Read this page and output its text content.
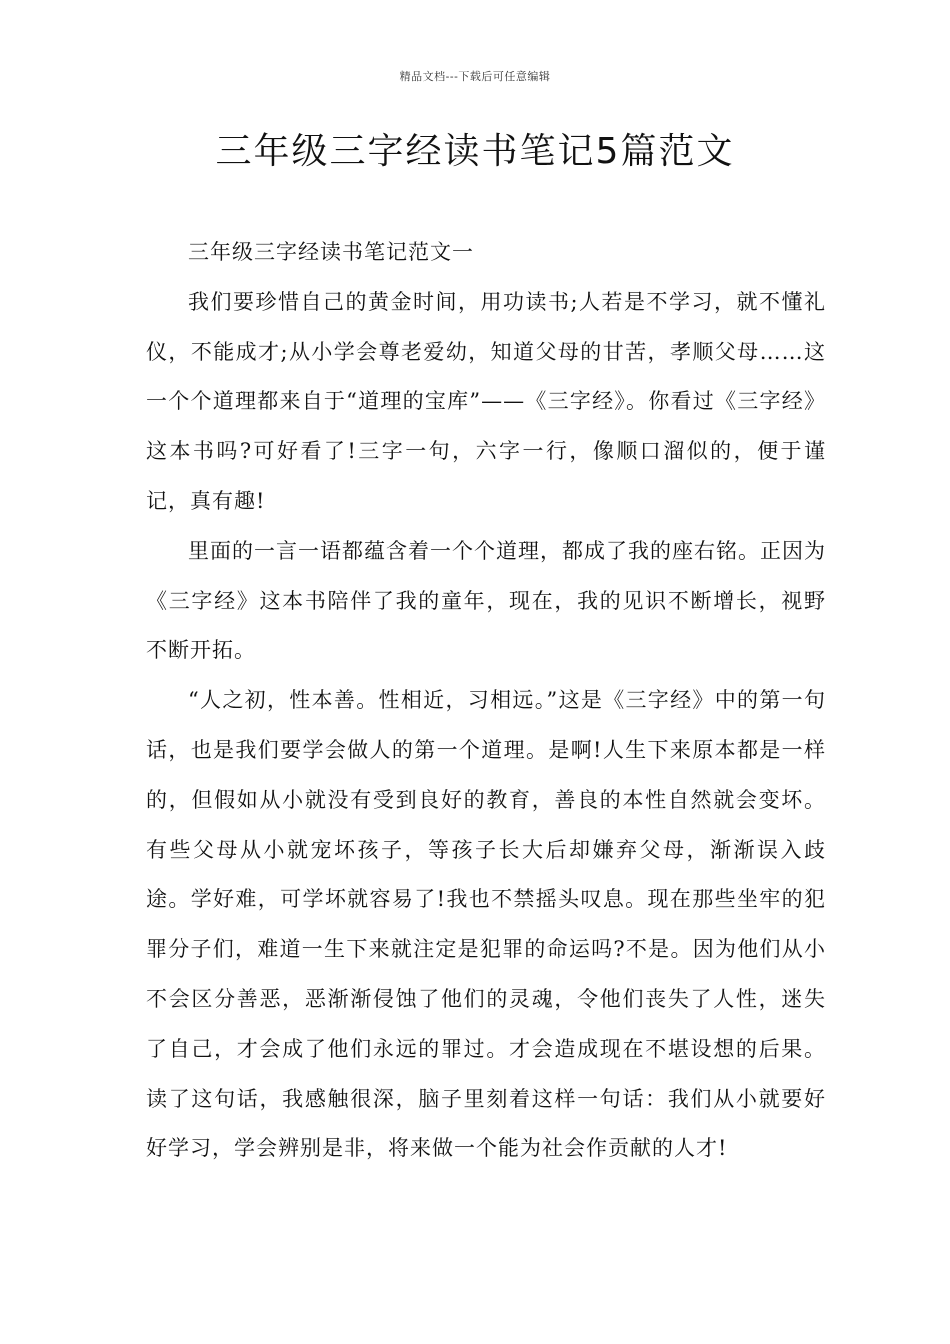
精品文档---下载后可任意编辑
三年级三字经读书笔记5篇范文

三年级三字经读书笔记范文一

我们要珍惜自己的黄金时间，用功读书;人若是不学习，就不懂礼仪，不能成才;从小学会尊老爱幼，知道父母的甘苦，孝顺父母……这一个个道理都来自于“道理的宝库”——《三字经》。你看过《三字经》这本书吗?可好看了!三字一句，六字一行，像顺口溜似的，便于谨记，真有趣!

里面的一言一语都蕴含着一个个道理，都成了我的座右铭。正因为《三字经》这本书陪伴了我的童年，现在，我的见识不断增长，视野不断开拓。

“人之初，性本善。性相近，习相远。”这是《三字经》中的第一句话，也是我们要学会做人的第一个道理。是啊!人生下来原本都是一样的，但假如从小就没有受到良好的教育，善良的本性自然就会变坏。有些父母从小就宠坏孩子，等孩子长大后却嫌弃父母，渐渐误入歧途。学好难，可学坏就容易了!我也不禁摇头叹息。现在那些坐牢的犯罪分子们，难道一生下来就注定是犯罪的命运吗?不是。因为他们从小不会区分善恶，恶渐渐侵蚀了他们的灵魂，令他们丧失了人性，迷失了自己，才会成了他们永远的罪过。才会造成现在不堪设想的后果。读了这句话，我感触很深，脑子里刻着这样一句话：我们从小就要好好学习，学会辨别是非，将来做一个能为社会作贡献的人才!
